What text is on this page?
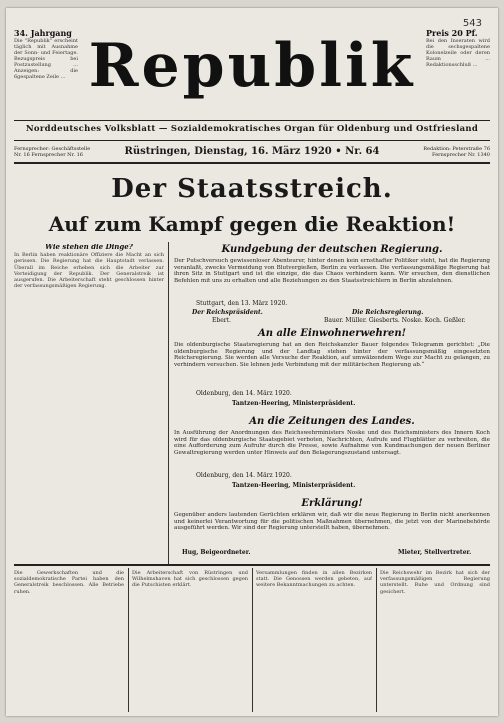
543
34. Jahrgang
Die "Republik" erscheint täglich mit Ausnahme der Sonn- und Feiertage. Bezugspreis bei Postzustellung ... Anzeigen: die 6gespaltene Zeile ...
Preis 20 Pf.
Bei den Inseraten wird die sechsgespaltene Kolonelzeile oder deren Raum ... Redaktionsschluß ...
Republik
Norddeutsches Volksblatt — Sozialdemokratisches Organ für Oldenburg und Ostfriesland
Fernsprecher: Geschäftsstelle Nr. 16 Fernsprecher Nr. 16	Rüstringen, Dienstag, 16. März 1920 • Nr. 64	Redaktion: Peterstraße 76 Fernsprecher Nr. 1340
Der Staatsstreich.
Auf zum Kampf gegen die Reaktion!
Wie stehen die Dinge?

In Berlin haben reaktionäre Offiziere die Macht an sich gerissen. Die Regierung hat die Hauptstadt verlassen. Überall im Reiche erheben sich die Arbeiter zur Verteidigung der Republik. Der Generalstreik ist ausgerufen. Die Arbeiterschaft steht geschlossen hinter der verfassungsmäßigen Regierung.

Kundgebung der deutschen Regierung.
Der Putschversuch gewissenloser Abenteurer, hinter denen kein ernsthafter Politiker steht, hat die Regierung veranlaßt, zwecks Vermeidung von Blutvergießen, Berlin zu verlassen. Die verfassungsmäßige Regierung hat ihren Sitz in Stuttgart und ist die einzige, die das Chaos verhindern kann. Wir ersuchen, den dienstlichen Befehlen mit uns zu erhalten und alle Beziehungen zu den Staatsstreichlern in Berlin abzulehnen.
Stuttgart, den 13. März 1920.
Der Reichspräsident.
Ebert.
Die Reichsregierung.
Bauer. Müller. Giesberts. Noske. Koch. Geßler.
An alle Einwohnerwehren!
Die oldenburgische Staatsregierung hat an den Reichskanzler Bauer folgendes Telegramm gerichtet: „Die oldenburgische Regierung und der Landtag stehen hinter der verfassungsmäßig eingesetzten Reichsregierung. Sie werden alle Versuche der Reaktion, auf umwälzendem Wege zur Macht zu gelangen, zu verhindern versuchen. Sie lehnen jede Verbindung mit der militärischen Regierung ab.“
Oldenburg, den 14. März 1920.
Tantzen-Heering, Ministerpräsident.
An die Zeitungen des Landes.
In Ausführung der Anordnungen des Reichswehrministers Noske und des Reichsministers des Innern Koch wird für das oldenburgische Staatsgebiet verboten, Nachrichten, Aufrufe und Flugblätter zu verbreiten, die eine Aufforderung zum Aufruhr durch die Presse, sowie Aufnahme von Kundmachungen der neuen Berliner Gewaltregierung werden unter Hinweis auf den Belagerungszustand untersagt.
Oldenburg, den 14. März 1920.
Tantzen-Heering, Ministerpräsident.
Erklärung!
Gegenüber anders lautenden Gerüchten erklären wir, daß wir die neue Regierung in Berlin nicht anerkennen und keinerlei Verantwortung für die politischen Maßnahmen übernehmen, die jetzt von der Marinebehörde ausgeführt werden. Wir sind der Regierung unterstellt haben, übernehmen.
Hug, Beigeordneter.	Mieter, Stellvertreter.
Die Gewerkschaften und die sozialdemokratische Partei haben den Generalstreik beschlossen. Alle Betriebe ruhen.
Die Arbeiterschaft von Rüstringen und Wilhelmshaven hat sich geschlossen gegen die Putschisten erklärt.
Versammlungen finden in allen Bezirken statt. Die Genossen werden gebeten, auf weitere Bekanntmachungen zu achten.
Die Reichswehr im Bezirk hat sich der verfassungsmäßigen Regierung unterstellt. Ruhe und Ordnung sind gesichert.
